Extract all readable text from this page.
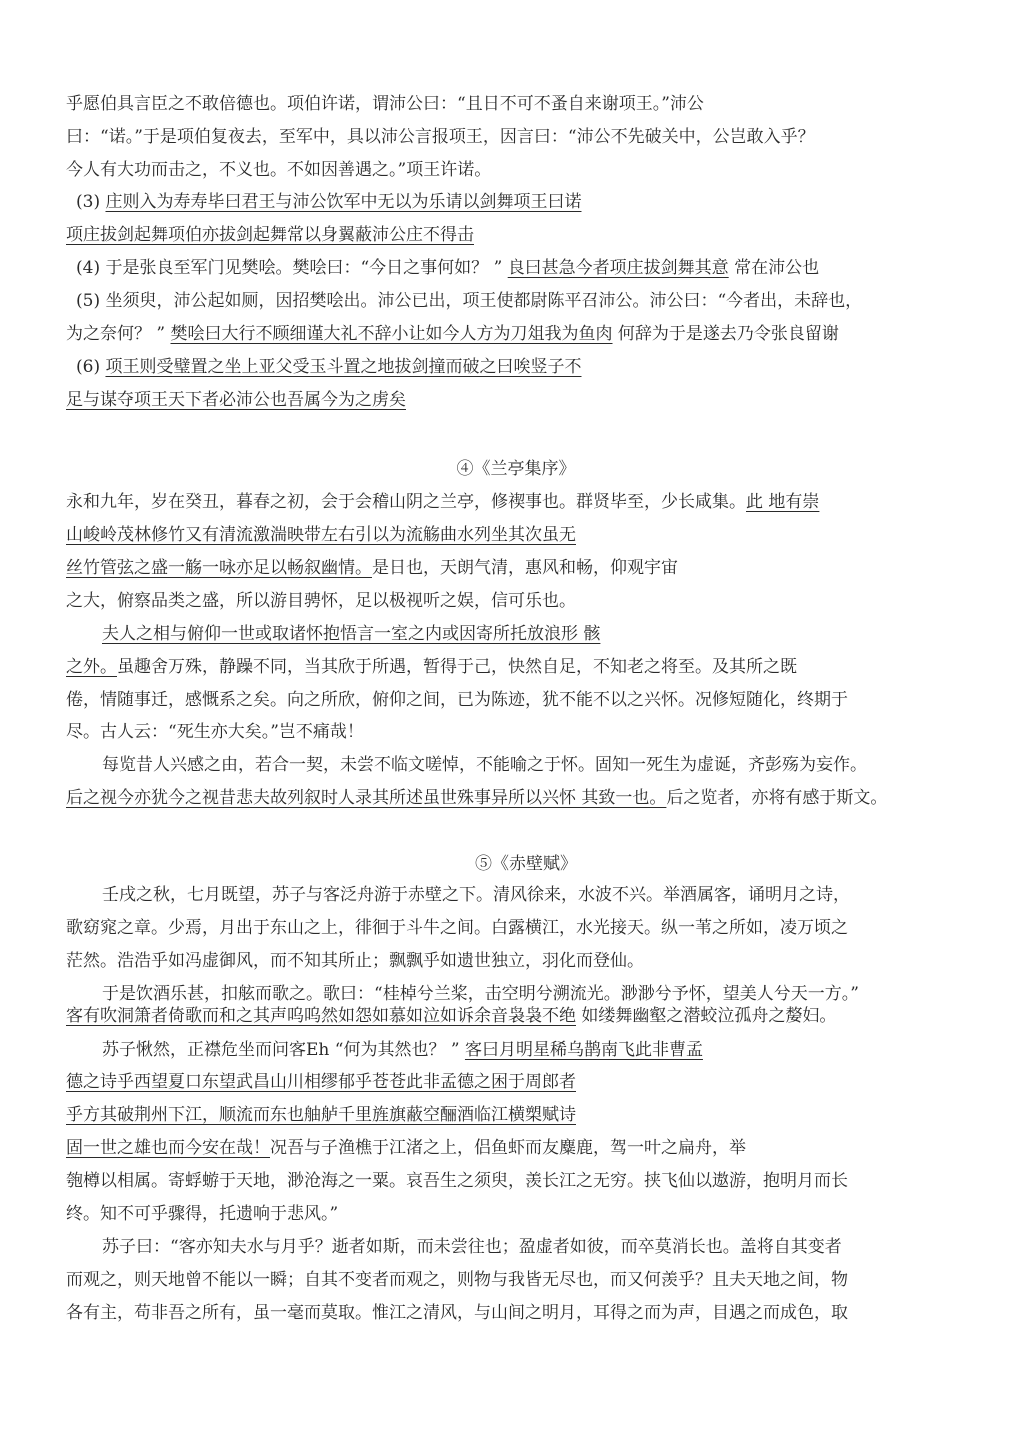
乎愿伯具言臣之不敢倍德也。项伯许诺，谓沛公曰：“且日不可不蚤自来谢项王。”沛公
曰：“诺。”于是项伯复夜去，至军中，具以沛公言报项王，因言曰：“沛公不先破关中，公岂敢入乎？
今人有大功而击之，不义也。不如因善遇之。”项王许诺。
(3) 庄则入为寿寿毕曰君王与沛公饮军中无以为乐请以剑舞项王曰诺
项庄拔剑起舞项伯亦拔剑起舞常以身翼蔽沛公庄不得击
(4) 于是张良至军门见樊哙。樊哙曰：“今日之事何如？ ” 良曰甚急今者项庄拔剑舞其意 常在沛公也
(5) 坐须臾，沛公起如厕，因招樊哙出。沛公已出，项王使都尉陈平召沛公。沛公曰：“今者出，未辞也，
为之奈何？ ” 樊哙曰大行不顾细谨大礼不辞小让如今人方为刀俎我为鱼肉 何辞为于是遂去乃令张良留谢
(6) 项王则受璧置之坐上亚父受玉斗置之地拔剑撞而破之曰唉竖子不
足与谋夺项王天下者必沛公也吾属今为之虏矣
④《兰亭集序》
永和九年，岁在癸丑，暮春之初，会于会稽山阴之兰亭，修禊事也。群贤毕至，少长咸集。此 地有崇
山峻岭茂林修竹又有清流激湍映带左右引以为流觞曲水列坐其次虽无
丝竹管弦之盛一觞一咏亦足以畅叙幽情。是日也，天朗气清，惠风和畅，仰观宇宙
之大，俯察品类之盛，所以游目骋怀，足以极视听之娱，信可乐也。
夫人之相与俯仰一世或取诸怀抱悟言一室之内或因寄所托放浪形 骸
之外。虽趣舍万殊，静躁不同，当其欣于所遇，暂得于己，快然自足，不知老之将至。及其所之既
倦，情随事迁，感慨系之矣。向之所欣，俯仰之间，已为陈迹，犹不能不以之兴怀。况修短随化，终期于
尽。古人云：“死生亦大矣。”岂不痛哉！
每览昔人兴感之由，若合一契，未尝不临文嗟悼，不能喻之于怀。固知一死生为虚诞，齐彭殇为妄作。
后之视今亦犹今之视昔悲夫故列叙时人录其所述虽世殊事异所以兴怀 其致一也。后之览者，亦将有感于斯文。
⑤《赤壁赋》
壬戌之秋，七月既望，苏子与客泛舟游于赤壁之下。清风徐来，水波不兴。举酒属客，诵明月之诗，
歌窈窕之章。少焉，月出于东山之上，徘徊于斗牛之间。白露横江，水光接天。纵一苇之所如，凌万顷之
茫然。浩浩乎如冯虚御风，而不知其所止；飘飘乎如遗世独立，羽化而登仙。
于是饮酒乐甚，扣舷而歌之。歌曰：“桂棹兮兰桨，击空明兮溯流光。渺渺兮予怀，望美人兮天一方。”
客有吹洞箫者倚歌而和之其声呜呜然如怨如慕如泣如诉余音袅袅不绝 如缕舞幽壑之潜蛟泣孤舟之嫠妇。
苏子愀然，正襟危坐而问客Eh “何为其然也？ ” 客曰月明星稀乌鹊南飞此非曹孟
德之诗乎西望夏口东望武昌山川相缪郁乎苍苍此非孟德之困于周郎者
乎方其破荆州下江，顺流而东也舳舻千里旌旗蔽空酾酒临江横槊赋诗
固一世之雄也而今安在哉！况吾与子渔樵于江渚之上，侣鱼虾而友麋鹿，驾一叶之扁舟，举
匏樽以相属。寄蜉蝣于天地，渺沧海之一粟。哀吾生之须臾，羡长江之无穷。挟飞仙以遨游，抱明月而长
终。知不可乎骤得，托遗响于悲风。”
苏子曰：“客亦知夫水与月乎？逝者如斯，而未尝往也；盈虚者如彼，而卒莫消长也。盖将自其变者
而观之，则天地曾不能以一瞬；自其不变者而观之，则物与我皆无尽也，而又何羡乎？且夫天地之间，物
各有主，苟非吾之所有，虽一毫而莫取。惟江之清风，与山间之明月，耳得之而为声，目遇之而成色，取
